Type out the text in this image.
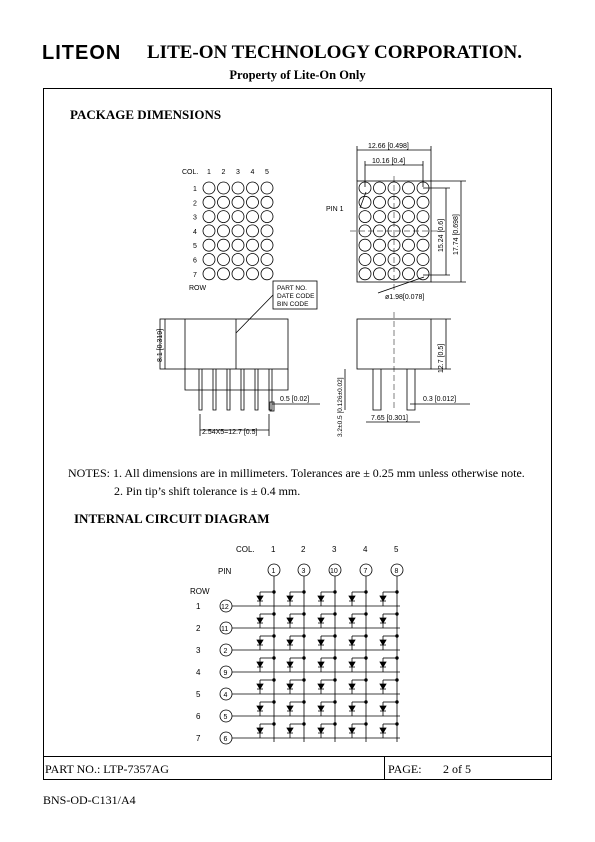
LITEON LITE-ON TECHNOLOGY CORPORATION.
Property of Lite-On Only
PACKAGE DIMENSIONS
COL. 1 2 3 4 5
1
2
3
4
5
6
7
ROW	PART NO.
DATE CODE
BIN CODE
PIN 1
12.66 [0.498]
10.16 [0.4]
ø1.98[0.078]
15.24 [0.6] 17.74 [0.698]
8.1 [0.319]
0.5 [0.02]
2.54X5=12.7 [0.5]
12.7 [0.5]
3.2±0.5 [0.126±0.02]	0.3 [0.012]
7.65 [0.301]
COL.
PIN
ROW
1
1
2
3
3
10
4
7
5
8
1	12
2	11
3	2
4	9
5	4
6	5
7	6
NOTES: 1. All dimensions are in millimeters. Tolerances are ± 0.25 mm unless otherwise note.
2. Pin tip’s shift tolerance is ± 0.4 mm.
INTERNAL CIRCUIT DIAGRAM
PART NO.: LTP-7357AG	PAGE: 2 of 5
BNS-OD-C131/A4
